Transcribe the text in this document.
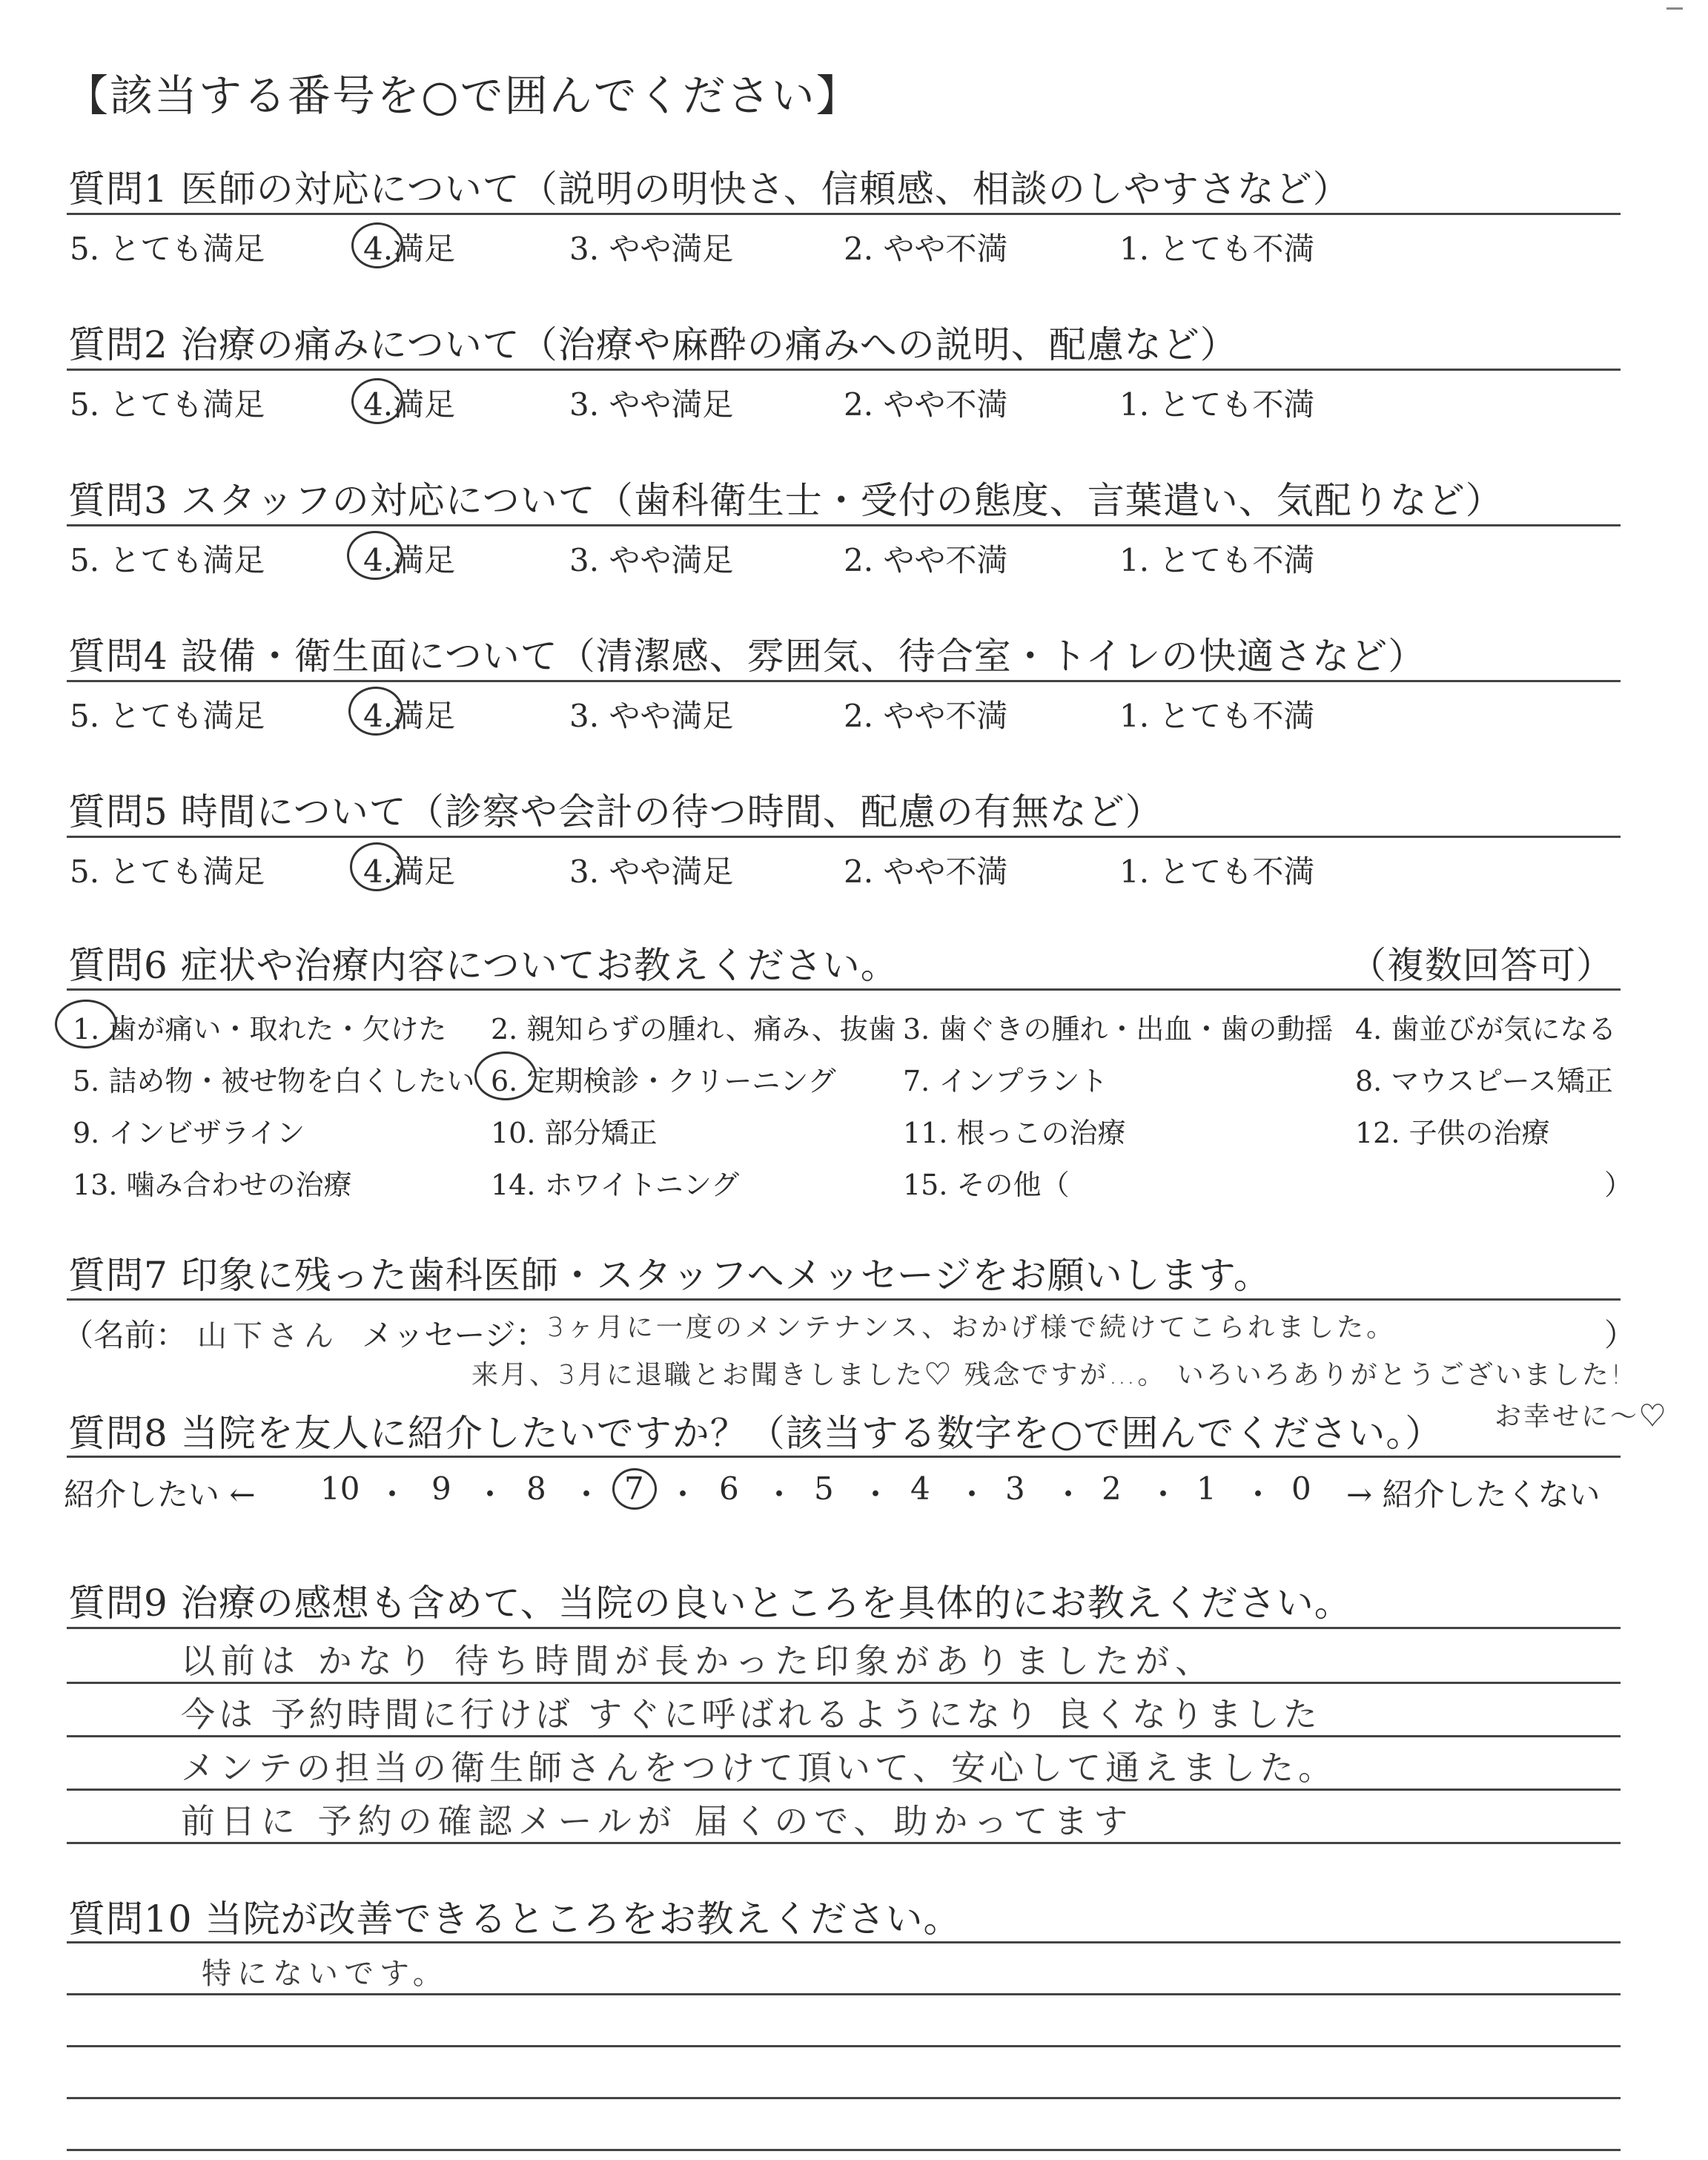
【該当する番号を○で囲んでください】
質問1 医師の対応について（説明の明快さ、信頼感、相談のしやすさなど）
5. とても満足	4.満足	3. やや満足	2. やや不満	1. とても不満
質問2 治療の痛みについて（治療や麻酔の痛みへの説明、配慮など）
5. とても満足	4.満足	3. やや満足	2. やや不満	1. とても不満
質問3 スタッフの対応について（歯科衛生士・受付の態度、言葉遣い、気配りなど）
5. とても満足	4.満足	3. やや満足	2. やや不満	1. とても不満
質問4 設備・衛生面について（清潔感、雰囲気、待合室・トイレの快適さなど）
5. とても満足	4.満足	3. やや満足	2. やや不満	1. とても不満
質問5 時間について（診察や会計の待つ時間、配慮の有無など）
5. とても満足	4.満足	3. やや満足	2. やや不満	1. とても不満
質問6 症状や治療内容についてお教えください。	（複数回答可）
1. 歯が痛い・取れた・欠けた 2. 親知らずの腫れ、痛み、抜歯 3. 歯ぐきの腫れ・出血・歯の動揺 4. 歯並びが気になる
5. 詰め物・被せ物を白くしたい 6. 定期検診・クリーニング 7. インプラント	8. マウスピース矯正
9. インビザライン	10. 部分矯正	11. 根っこの治療	12. 子供の治療
13. 噛み合わせの治療	14. ホワイトニング	15. その他（	）
質問7 印象に残った歯科医師・スタッフへメッセージをお願いします。
（名前： 山下さん メッセージ： 3ヶ月に一度のメンテナンス、おかげ様で続けてこられました。	）
来月、3月に退職とお聞きしました♡ 残念ですが…。 いろいろありがとうございました!
お幸せに～♡
質問8 当院を友人に紹介したいですか？（該当する数字を○で囲んでください。）
紹介したい ← 10 ・ 9 ・ 8 ・ 7 ・ 6 ・ 5 ・ 4 ・ 3 ・ 2 ・ 1 ・ 0 → 紹介したくない
質問9 治療の感想も含めて、当院の良いところを具体的にお教えください。
以前は かなり 待ち時間が長かった印象がありましたが、
今は 予約時間に行けば すぐに呼ばれるようになり 良くなりました
メンテの担当の衛生師さんをつけて頂いて、安心して通えました。
前日に 予約の確認メールが 届くので、助かってます
質問10 当院が改善できるところをお教えください。
特にないです。
